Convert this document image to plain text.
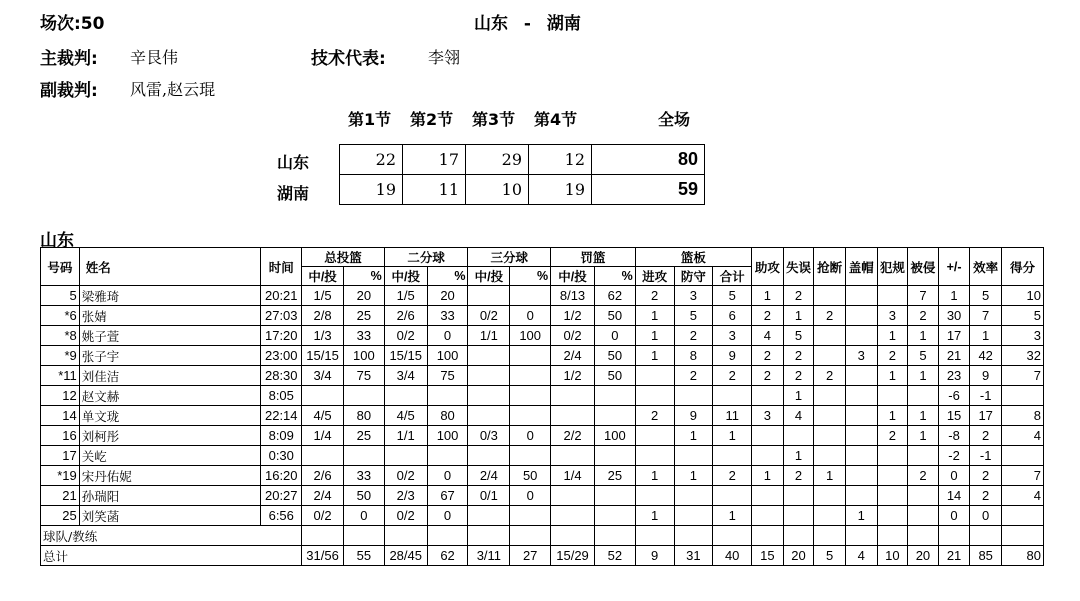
场次:50	山东 - 湖南
主裁判: 辛艮伟	技术代表:	李翎
副裁判: 风雷,赵云琨
第1节 第2节 第3节 第4节	全场
山东
湖南
22	17	29	12	80
19	11	10	19	59
山东
号码	姓名	时间	总投篮		二分球		三分球		罚篮		篮板			助攻	失误	抢断	盖帽	犯规	被侵	+/-	效率	得分
			中/投	%	中/投	%	中/投	%	中/投	%	进攻	防守	合计									
5	梁雅琦	20:21	1/5	20	1/5	20			8/13	62	2	3	5	1	2				7	1	5	10
*6	张婧	27:03	2/8	25	2/6	33	0/2	0	1/2	50	1	5	6	2	1	2		3	2	30	7	5
*8	姚子萱	17:20	1/3	33	0/2	0	1/1	100	0/2	0	1	2	3	4	5			1	1	17	1	3
*9	张子宇	23:00	15/15	100	15/15	100			2/4	50	1	8	9	2	2		3	2	5	21	42	32
*11	刘佳洁	28:30	3/4	75	3/4	75			1/2	50		2	2	2	2	2		1	1	23	9	7
12	赵文赫	8:05													1					-6	-1	
14	单文珑	22:14	4/5	80	4/5	80					2	9	11	3	4			1	1	15	17	8
16	刘柯彤	8:09	1/4	25	1/1	100	0/3	0	2/2	100		1	1					2	1	-8	2	4
17	关屹	0:30													1					-2	-1	
*19	宋丹佑妮	16:20	2/6	33	0/2	0	2/4	50	1/4	25	1	1	2	1	2	1			2	0	2	7
21	孙瑞阳	20:27	2/4	50	2/3	67	0/1	0												14	2	4
25	刘笑菡	6:56	0/2	0	0/2	0					1		1				1			0	0	
球队/教练																						
总计			31/56	55	28/45	62	3/11	27	15/29	52	9	31	40	15	20	5	4	10	20	21	85	80
